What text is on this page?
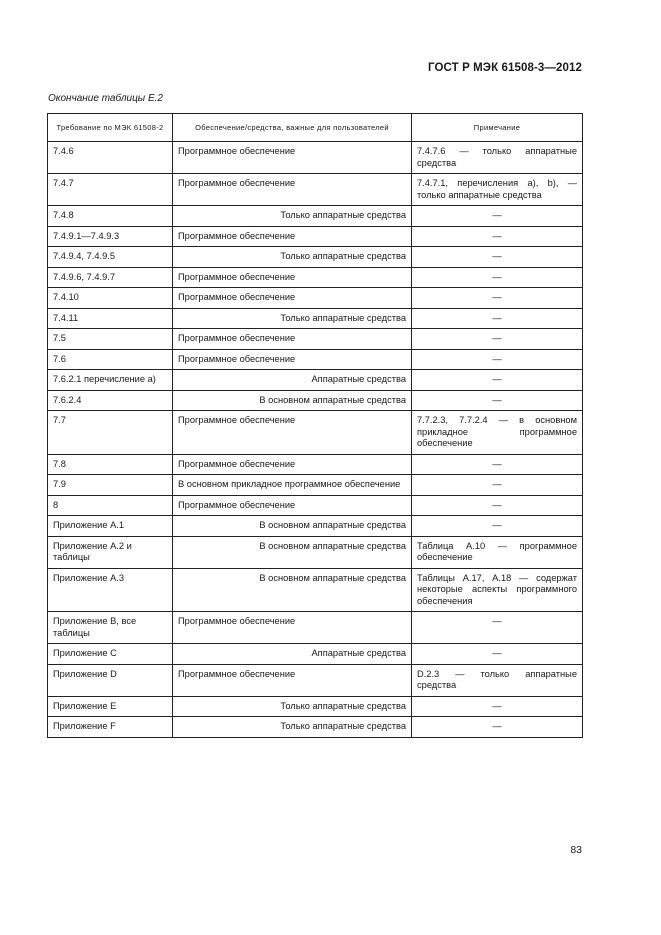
ГОСТ Р МЭК 61508-3—2012
Окончание таблицы Е.2
Требование по МЭК 61508-2	Обеспечение/средства, важные для пользователей	Примечание
7.4.6	Программное обеспечение	7.4.7.6 — только аппаратные средства
7.4.7	Программное обеспечение	7.4.7.1, перечисления а), b), — только аппаратные средства
7.4.8	Только аппаратные средства	—
7.4.9.1—7.4.9.3	Программное обеспечение	—
7.4.9.4, 7.4.9.5	Только аппаратные средства	—
7.4.9.6, 7.4.9.7	Программное обеспечение	—
7.4.10	Программное обеспечение	—
7.4.11	Только аппаратные средства	—
7.5	Программное обеспечение	—
7.6	Программное обеспечение	—
7.6.2.1 перечисление а)	Аппаратные средства	—
7.6.2.4	В основном аппаратные средства	—
7.7	Программное обеспечение	7.7.2.3, 7.7.2.4 — в основном прикладное программное обеспечение
7.8	Программное обеспечение	—
7.9	В основном прикладное программное обеспечение	—
8	Программное обеспечение	—
Приложение А.1	В основном аппаратные средства	—
Приложение А.2 и таблицы	В основном аппаратные средства	Таблица А.10 — программное обеспечение
Приложение А.3	В основном аппаратные средства	Таблицы А.17, А.18 — содержат некоторые аспекты программного обеспечения
Приложение В, все таблицы	Программное обеспечение	—
Приложение С	Аппаратные средства	—
Приложение D	Программное обеспечение	D.2.3 — только аппаратные средства
Приложение E	Только аппаратные средства	—
Приложение F	Только аппаратные средства	—
83
